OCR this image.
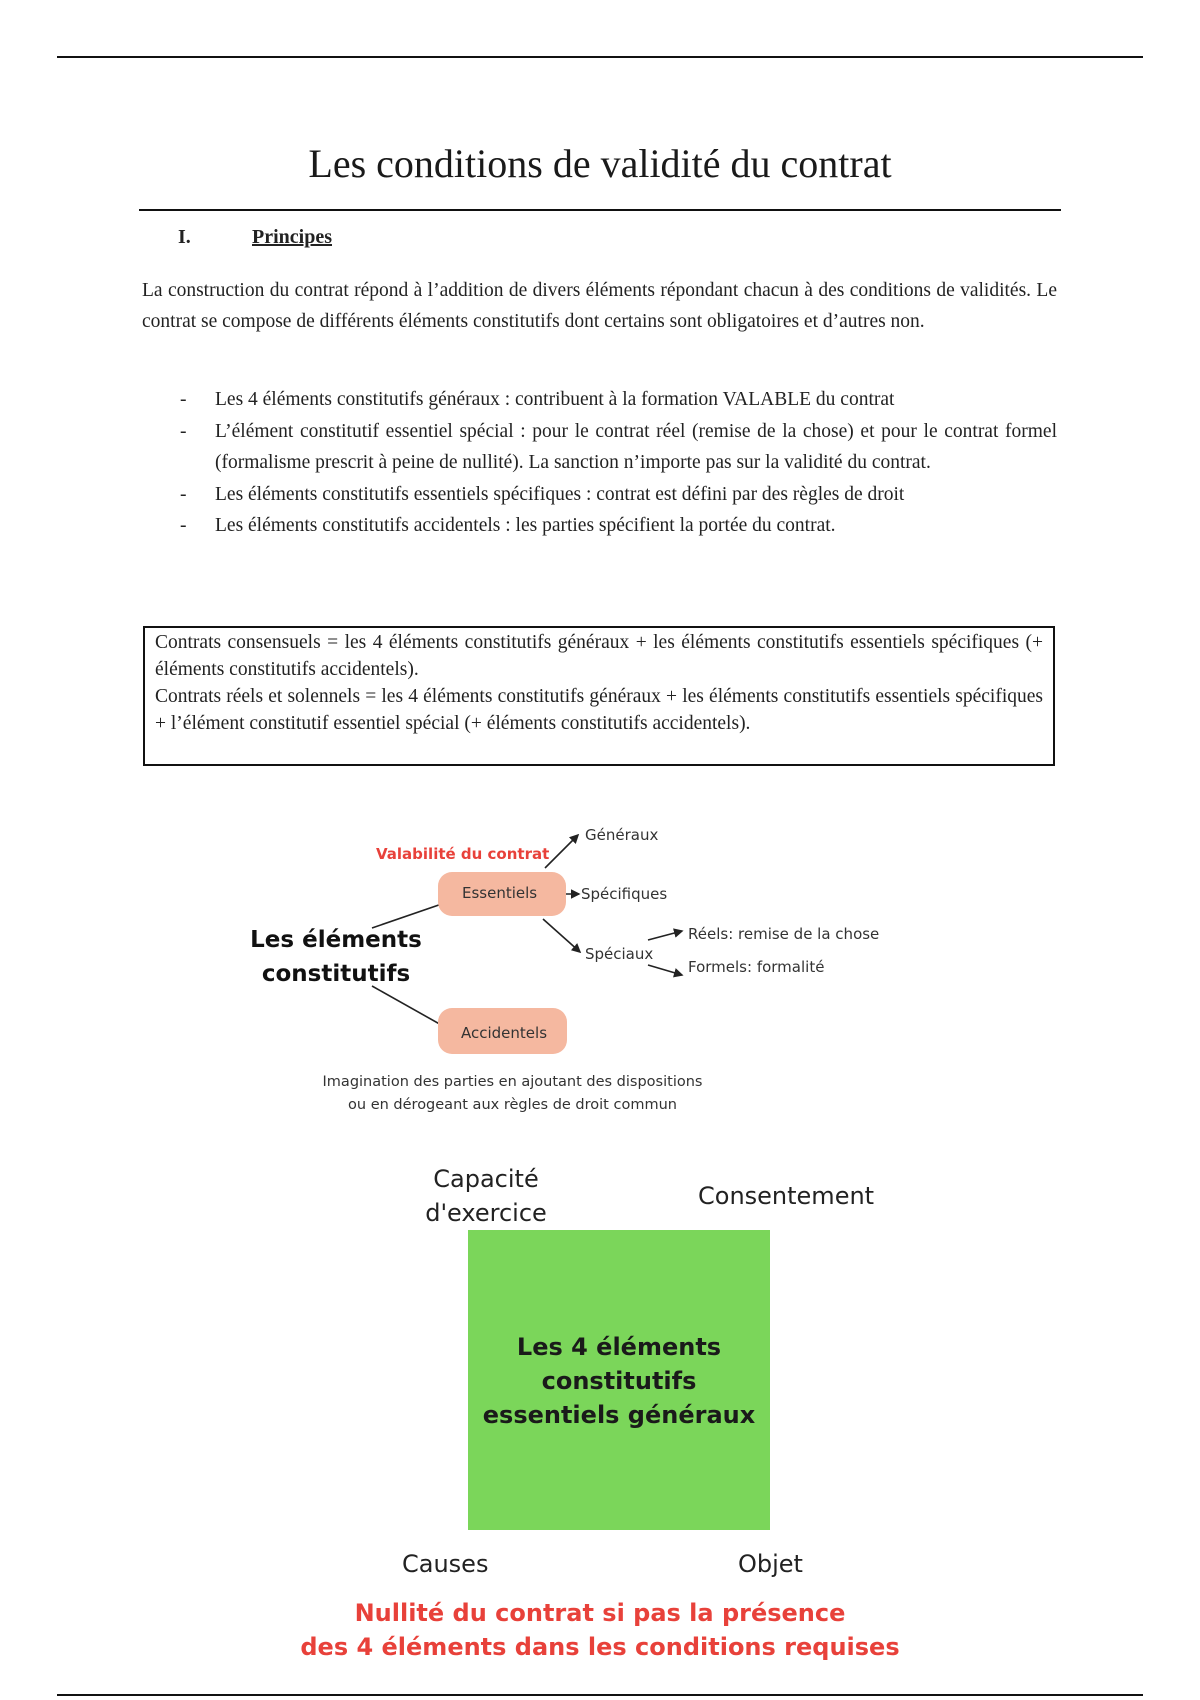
Les conditions de validité du contrat
I.	Principes
La construction du contrat répond à l’addition de divers éléments répondant chacun à des conditions de validités. Le contrat se compose de différents éléments constitutifs dont certains sont obligatoires et d’autres non.
- Les 4 éléments constitutifs généraux : contribuent à la formation VALABLE du contrat
- L’élément constitutif essentiel spécial : pour le contrat réel (remise de la chose) et pour le contrat formel (formalisme prescrit à peine de nullité). La sanction n’importe pas sur la validité du contrat.
- Les éléments constitutifs essentiels spécifiques : contrat est défini par des règles de droit
- Les éléments constitutifs accidentels : les parties spécifient la portée du contrat.

Contrats consensuels = les 4 éléments constitutifs généraux + les éléments constitutifs essentiels spécifiques (+ éléments constitutifs accidentels).

Contrats réels et solennels = les 4 éléments constitutifs généraux + les éléments constitutifs essentiels spécifiques + l’élément constitutif essentiel spécial (+ éléments constitutifs accidentels).

Valabilité du contrat
Essentiels
Accidentels
Généraux
Spécifiques
Spéciaux
Réels: remise de la chose
Formels: formalité
Les éléments
constitutifs
Imagination des parties en ajoutant des dispositions
ou en dérogeant aux règles de droit commun
Capacité
d'exercice
Consentement
Les 4 éléments
constitutifs
essentiels généraux
Causes	Objet
Nullité du contrat si pas la présence
des 4 éléments dans les conditions requises
